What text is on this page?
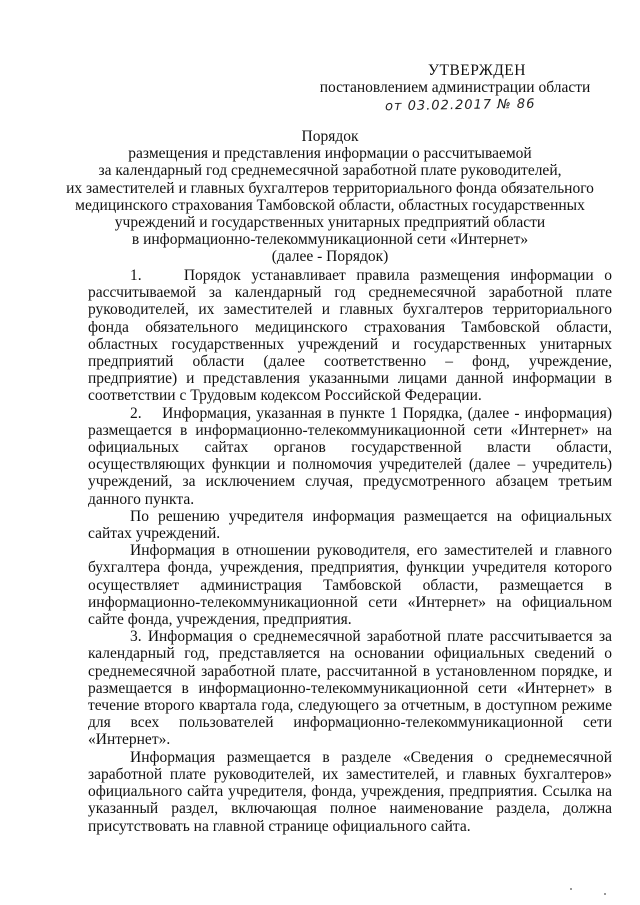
УТВЕРЖДЕН
постановлением администрации области
от 03.02.2017 № 86
Порядок
размещения и представления информации о рассчитываемой
за календарный год среднемесячной заработной плате руководителей,
их заместителей и главных бухгалтеров территориального фонда обязательного
медицинского страхования Тамбовской области, областных государственных
учреждений и государственных унитарных предприятий области
в информационно-телекоммуникационной сети «Интернет»
(далее - Порядок)

1.    Порядок устанавливает правила размещения информации о рассчитываемой за календарный год среднемесячной заработной плате руководителей, их заместителей и главных бухгалтеров территориального фонда обязательного медицинского страхования Тамбовской области, областных государственных учреждений и государственных унитарных предприятий области (далее соответственно – фонд, учреждение, предприятие) и представления указанными лицами данной информации в соответствии с Трудовым кодексом Российской Федерации.

2.    Информация, указанная в пункте 1 Порядка, (далее - информация) размещается в информационно-телекоммуникационной сети «Интернет» на официальных сайтах органов государственной власти области, осуществляющих функции и полномочия учредителей (далее – учредитель) учреждений, за исключением случая, предусмотренного абзацем третьим данного пункта.

По решению учредителя информация размещается на официальных сайтах учреждений.

Информация в отношении руководителя, его заместителей и главного бухгалтера фонда, учреждения, предприятия, функции учредителя которого осуществляет администрация Тамбовской области, размещается в информационно-телекоммуникационной сети «Интернет» на официальном сайте фонда, учреждения, предприятия.

3. Информация о среднемесячной заработной плате рассчитывается за календарный год, представляется на основании официальных сведений о среднемесячной заработной плате, рассчитанной в установленном порядке, и размещается в информационно-телекоммуникационной сети «Интернет» в течение второго квартала года, следующего за отчетным, в доступном режиме для всех пользователей информационно-телекоммуникационной сети «Интернет».

Информация размещается в разделе «Сведения о среднемесячной заработной плате руководителей, их заместителей, и главных бухгалтеров» официального сайта учредителя, фонда, учреждения, предприятия. Ссылка на указанный раздел, включающая полное наименование раздела, должна присутствовать на главной странице официального сайта.
